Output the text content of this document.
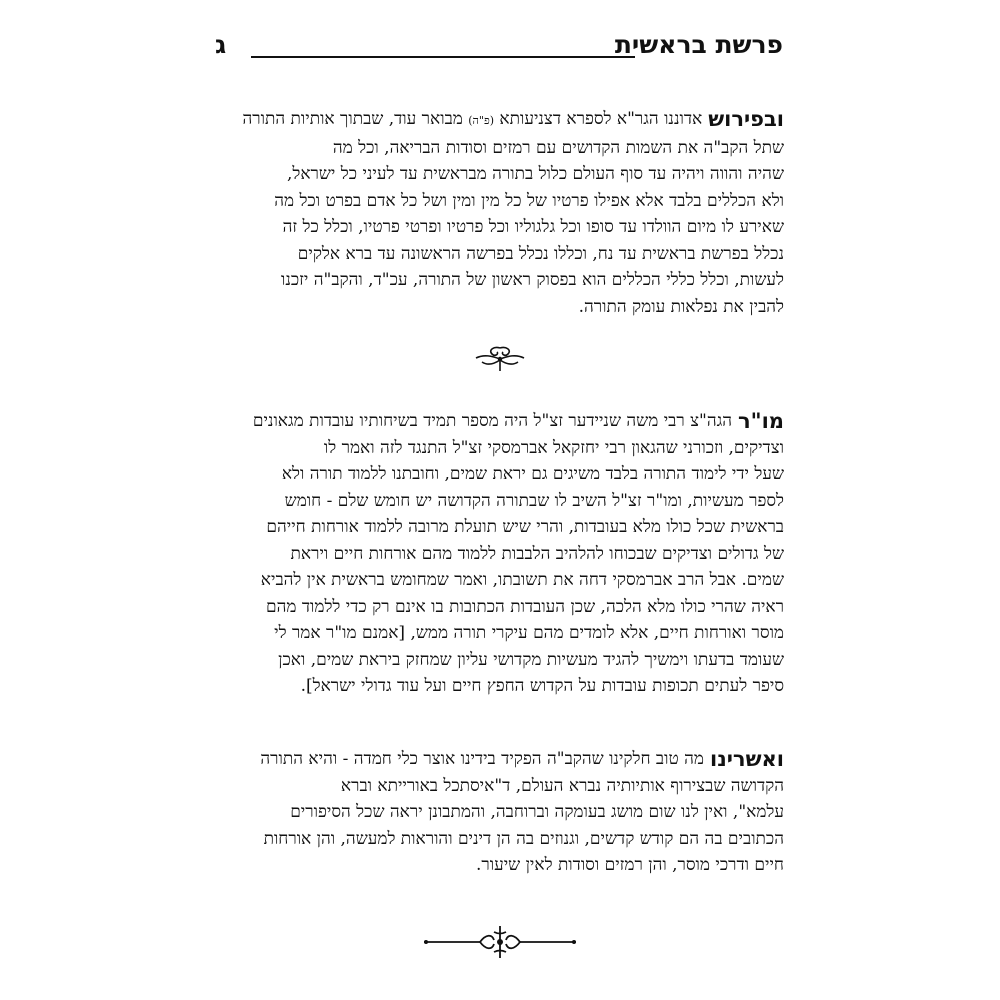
פרשת בראשית
ג
ובפירוש
אדוננו הגר"א לספרא דצניעותא (פ"ה) מבואר עוד, שבתוך אותיות התורה
שתל הקב"ה את השמות הקדושים עם רמזים וסודות הבריאה, וכל מה
שהיה והווה ויהיה עד סוף העולם כלול בתורה מבראשית עד לעיני כל ישראל,
ולא הכללים בלבד אלא אפילו פרטיו של כל מין ומין ושל כל אדם בפרט וכל מה
שאירע לו מיום הוולדו עד סופו וכל גלגוליו וכל פרטיו ופרטי פרטיו, וכלל כל זה
נכלל בפרשת בראשית עד נח, וכללו נכלל בפרשה הראשונה עד ברא אלקים
לעשות, וכלל כללי הכללים הוא בפסוק ראשון של התורה, עכ"ד, והקב"ה יזכנו
להבין את נפלאות עומק התורה.
מו"ר
הגה"צ רבי משה שניידער זצ"ל היה מספר תמיד בשיחותיו עובדות מגאונים
וצדיקים, וזכורני שהגאון רבי יחזקאל אברמסקי זצ"ל התנגד לזה ואמר לו
שעל ידי לימוד התורה בלבד משיגים גם יראת שמים, וחובתנו ללמוד תורה ולא
לספר מעשיות, ומו"ר זצ"ל השיב לו שבתורה הקדושה יש חומש שלם - חומש
בראשית שכל כולו מלא בעובדות, והרי שיש תועלת מרובה ללמוד אורחות חייהם
של גדולים וצדיקים שבכוחו להלהיב הלבבות ללמוד מהם אורחות חיים ויראת
שמים. אבל הרב אברמסקי דחה את תשובתו, ואמר שמחומש בראשית אין להביא
ראיה שהרי כולו מלא הלכה, שכן העובדות הכתובות בו אינם רק כדי ללמוד מהם
מוסר ואורחות חיים, אלא לומדים מהם עיקרי תורה ממש, [אמנם מו"ר אמר לי
שעומד בדעתו וימשיך להגיד מעשיות מקדושי עליון שמחזק ביראת שמים, ואכן
סיפר לעתים תכופות עובדות על הקדוש החפץ חיים ועל עוד גדולי ישראל].
ואשרינו
מה טוב חלקינו שהקב"ה הפקיד בידינו אוצר כלי חמדה - והיא התורה
הקדושה שבצירוף אותיותיה נברא העולם, ד"איסתכל באורייתא וברא
עלמא", ואין לנו שום מושג בעומקה וברוחבה, והמתבונן יראה שכל הסיפורים
הכתובים בה הם קודש קדשים, וגנוזים בה הן דינים והוראות למעשה, והן אורחות
חיים ודרכי מוסר, והן רמזים וסודות לאין שיעור.
